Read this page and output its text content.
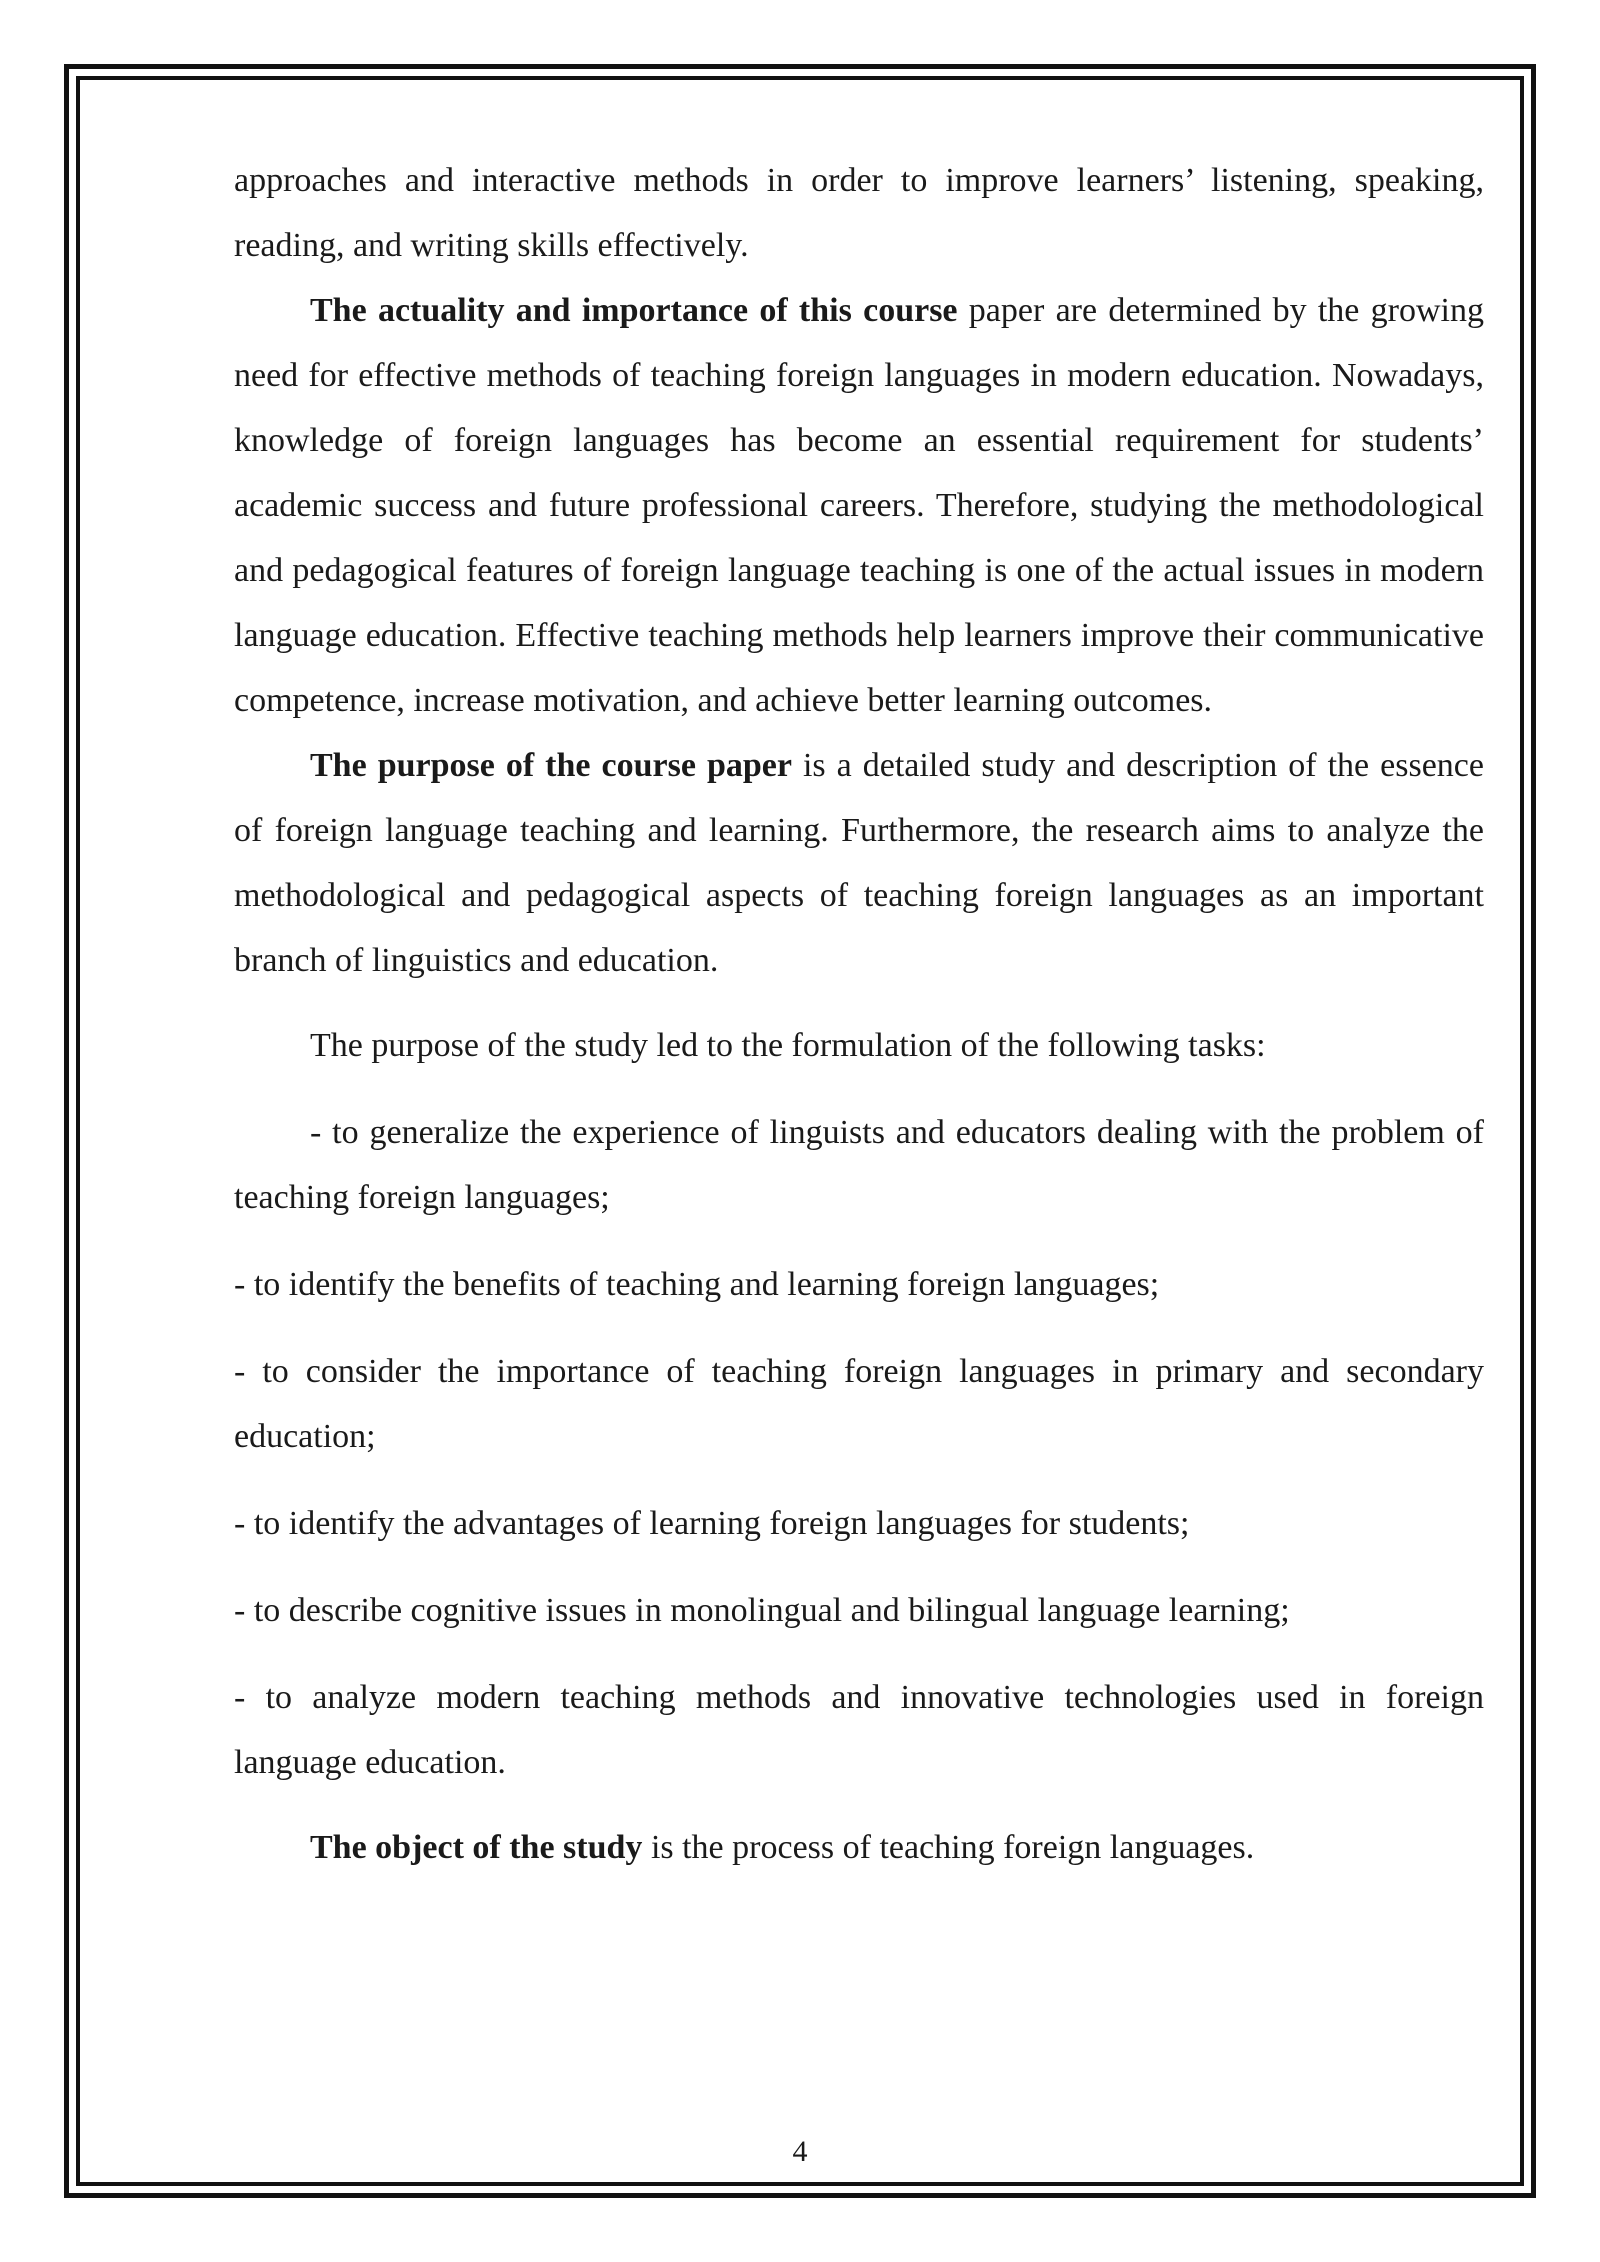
approaches and interactive methods in order to improve learners’ listening, speaking, reading, and writing skills effectively.

The actuality and importance of this course paper are determined by the growing need for effective methods of teaching foreign languages in modern education. Nowadays, knowledge of foreign languages has become an essential requirement for students’ academic success and future professional careers. Therefore, studying the methodological and pedagogical features of foreign language teaching is one of the actual issues in modern language education. Effective teaching methods help learners improve their communicative competence, increase motivation, and achieve better learning outcomes.

The purpose of the course paper is a detailed study and description of the essence of foreign language teaching and learning. Furthermore, the research aims to analyze the methodological and pedagogical aspects of teaching foreign languages as an important branch of linguistics and education.

The purpose of the study led to the formulation of the following tasks:

- to generalize the experience of linguists and educators dealing with the problem of teaching foreign languages;

- to identify the benefits of teaching and learning foreign languages;

- to consider the importance of teaching foreign languages in primary and secondary education;

- to identify the advantages of learning foreign languages for students;

- to describe cognitive issues in monolingual and bilingual language learning;

- to analyze modern teaching methods and innovative technologies used in foreign language education.

The object of the study is the process of teaching foreign languages.

4
